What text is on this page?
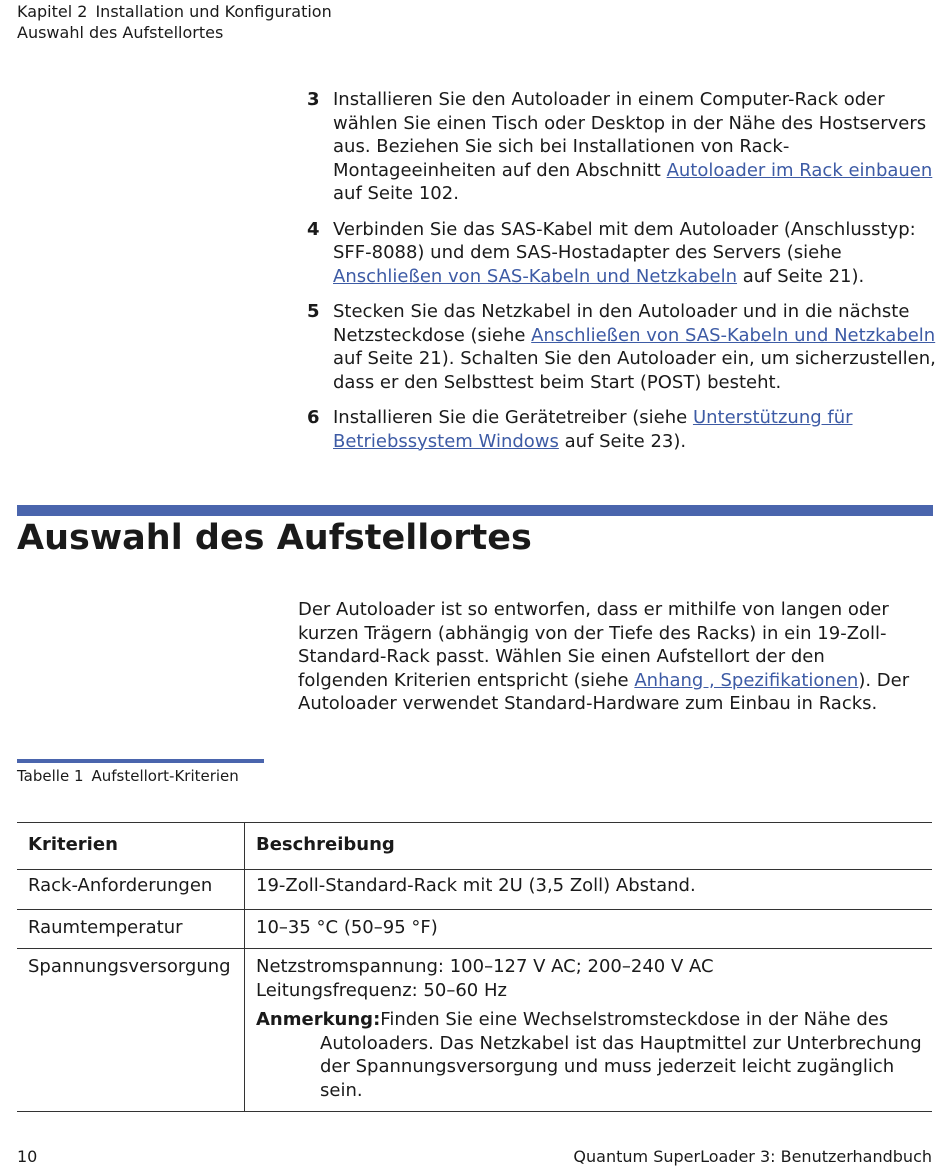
Kapitel 2 Installation und Konfiguration
Auswahl des Aufstellortes
3 Installieren Sie den Autoloader in einem Computer-Rack oder wählen Sie einen Tisch oder Desktop in der Nähe des Hostservers aus. Beziehen Sie sich bei Installationen von Rack-Montageeinheiten auf den Abschnitt Autoloader im Rack einbauen auf Seite 102.
4 Verbinden Sie das SAS-Kabel mit dem Autoloader (Anschlusstyp: SFF-8088) und dem SAS-Hostadapter des Servers (siehe Anschließen von SAS-Kabeln und Netzkabeln auf Seite 21).
5 Stecken Sie das Netzkabel in den Autoloader und in die nächste Netzsteckdose (siehe Anschließen von SAS-Kabeln und Netzkabeln auf Seite 21). Schalten Sie den Autoloader ein, um sicherzustellen, dass er den Selbsttest beim Start (POST) besteht.
6 Installieren Sie die Gerätetreiber (siehe Unterstützung für Betriebssystem Windows auf Seite 23).
Auswahl des Aufstellortes
Der Autoloader ist so entworfen, dass er mithilfe von langen oder kurzen Trägern (abhängig von der Tiefe des Racks) in ein 19-Zoll-Standard-Rack passt. Wählen Sie einen Aufstellort der den folgenden Kriterien entspricht (siehe Anhang , Spezifikationen). Der Autoloader verwendet Standard-Hardware zum Einbau in Racks.
Tabelle 1 Aufstellort-Kriterien
Kriterien	Beschreibung
Rack-Anforderungen	19-Zoll-Standard-Rack mit 2U (3,5 Zoll) Abstand.
Raumtemperatur	10–35 °C (50–95 °F)
Spannungsversorgung	Netzstromspannung: 100–127 V AC; 200–240 V AC
Leitungsfrequenz: 50–60 Hz
Anmerkung:Finden Sie eine Wechselstromsteckdose in der Nähe des Autoloaders. Das Netzkabel ist das Hauptmittel zur Unterbrechung der Spannungsversorgung und muss jederzeit leicht zugänglich sein.
10	Quantum SuperLoader 3: Benutzerhandbuch
